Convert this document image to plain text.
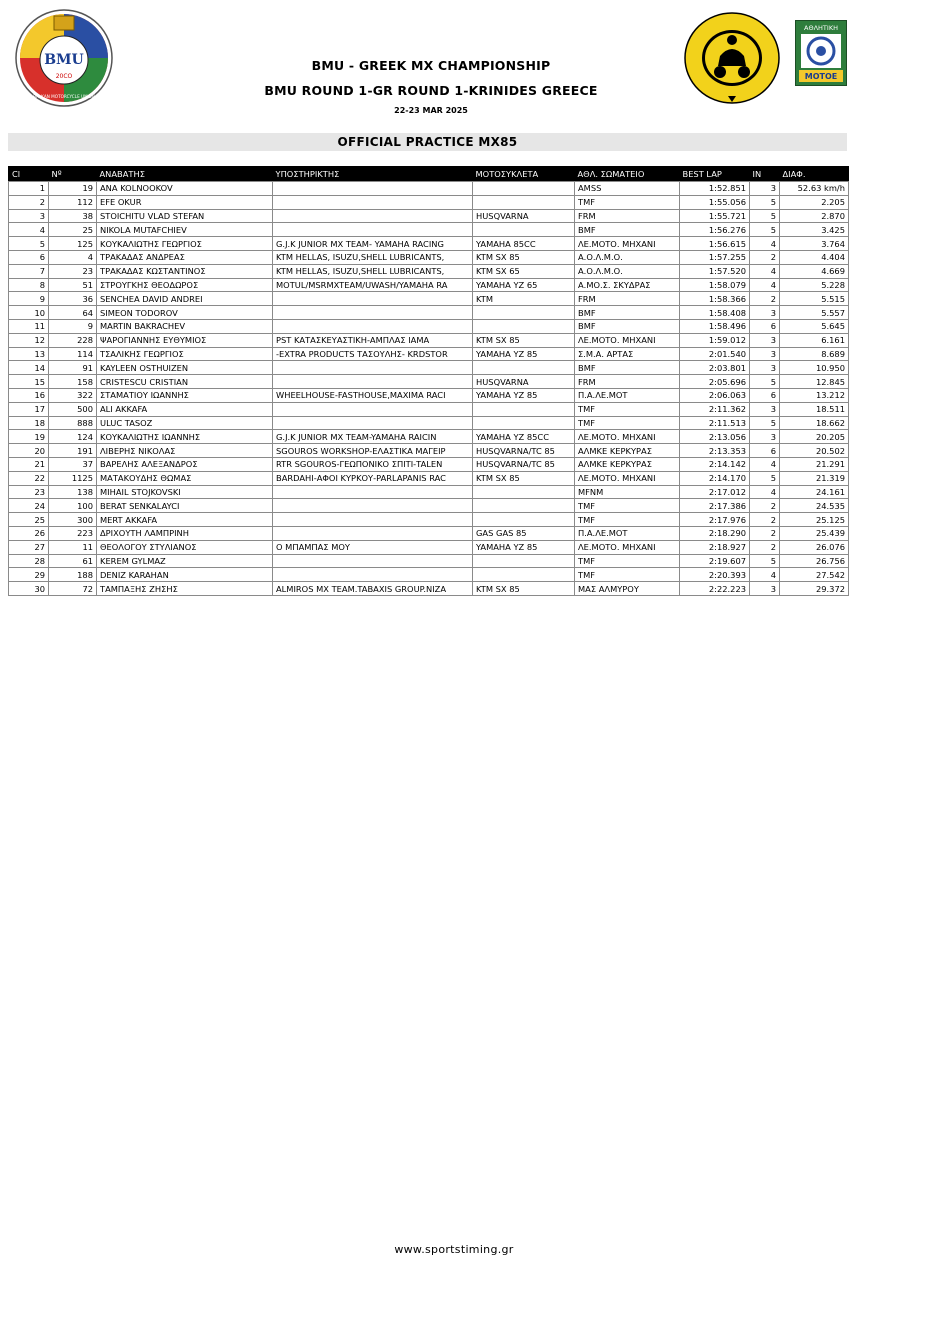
BMU
20CO
BALKAN MOTORCYCLE UNION
ΑΘΛΗΤΙΚΗ
MOTOE
BMU - GREEK MX CHAMPIONSHIP
BMU ROUND 1-GR ROUND 1-KRINIDES GREECE
22-23 MAR 2025
OFFICIAL PRACTICE MX85
Cl	Nº	ΑΝΑΒΑΤΗΣ	ΥΠΟΣΤΗΡΙΚΤΗΣ	ΜΟΤΟΣΥΚΛΕΤΑ	ΑΘΛ. ΣΩΜΑΤΕΙΟ	BEST LAP	IN	ΔΙΑΦ.
1	19	ΑΝΑ KOLNOOKOV			AMSS	1:52.851	3	52.63 km/h
2	112	EFE OKUR			TMF	1:55.056	5	2.205
3	38	STOICHITU VLAD STEFAN		HUSQVARNA	FRM	1:55.721	5	2.870
4	25	NIKOLA MUTAFCHIEV			BMF	1:56.276	5	3.425
5	125	ΚΟΥΚΑΛΙΩΤΗΣ ΓΕΩΡΓΙΟΣ	G.J.K JUNIOR MX TEAM- YAMAHA RACING	YAMAHA 85CC	ΛΕ.ΜΟΤΟ. ΜΗΧΑΝΙ	1:56.615	4	3.764
6	4	ΤΡΑΚΑΔΑΣ ΑΝΔΡΕΑΣ	KTM HELLAS, ISUZU,SHELL LUBRICANTS,	KTM SX 85	Α.Ο.Λ.Μ.Ο.	1:57.255	2	4.404
7	23	ΤΡΑΚΑΔΑΣ ΚΩΣΤΑΝΤΙΝΟΣ	KTM HELLAS, ISUZU,SHELL LUBRICANTS,	KTM SX 65	Α.Ο.Λ.Μ.Ο.	1:57.520	4	4.669
8	51	ΣΤΡΟΥΓΚΗΣ ΘΕΟΔΩΡΟΣ	MOTUL/MSRMXTEAM/UWASH/YAMAHA RA	YAMAHA YZ 65	Α.ΜΟ.Σ. ΣΚΥΔΡΑΣ	1:58.079	4	5.228
9	36	SENCHEA DAVID ANDREI		KTM	FRM	1:58.366	2	5.515
10	64	SIMEON TODOROV			BMF	1:58.408	3	5.557
11	9	MARTIN BAKRACHEV			BMF	1:58.496	6	5.645
12	228	ΨΑΡΟΓΙΑΝΝΗΣ ΕΥΘΥΜΙΟΣ	PST ΚΑΤΑΣΚΕΥΑΣΤΙΚΗ-ΑΜΠΛΑΣ ΙΑΜΑ	KTM SX 85	ΛΕ.ΜΟΤΟ. ΜΗΧΑΝΙ	1:59.012	3	6.161
13	114	ΤΣΑΛΙΚΗΣ ΓΕΩΡΓΙΟΣ	-EXTRA PRODUCTS ΤΑΣΟΥΛΗΣ- KRDSTOR	YAMAHA YZ 85	Σ.Μ.Α. ΑΡΤΑΣ	2:01.540	3	8.689
14	91	KAYLEEN OSTHUIZEN			BMF	2:03.801	3	10.950
15	158	CRISTESCU CRISTIAN		HUSQVARNA	FRM	2:05.696	5	12.845
16	322	ΣΤΑΜΑΤΙΟΥ ΙΩΑΝΝΗΣ	WHEELHOUSE-FASTHOUSE,MAXIMA RACI	YAMAHA YZ 85	Π.Α.ΛΕ.ΜΟΤ	2:06.063	6	13.212
17	500	ALI AKKAFA			TMF	2:11.362	3	18.511
18	888	ULUC TASOZ			TMF	2:11.513	5	18.662
19	124	ΚΟΥΚΑΛΙΩΤΗΣ ΙΩΑΝΝΗΣ	G.J.K JUNIOR MX TEAM-YAMAHA RAICIN	YAMAHA YZ 85CC	ΛΕ.ΜΟΤΟ. ΜΗΧΑΝΙ	2:13.056	3	20.205
20	191	ΛΙΒΕΡΗΣ ΝΙΚΟΛΑΣ	SGOUROS WORKSHOP-ΕΛΑΣΤΙΚΑ ΜΑΓΕΙΡ	HUSQVARNA/TC 85	ΑΛΜΚΕ ΚΕΡΚΥΡΑΣ	2:13.353	6	20.502
21	37	ΒΑΡΕΛΗΣ ΑΛΕΞΑΝΔΡΟΣ	RTR SGOUROS-ΓΕΩΠΟΝΙΚΟ ΣΠΙΤΙ-TALEN	HUSQVARNA/TC 85	ΑΛΜΚΕ ΚΕΡΚΥΡΑΣ	2:14.142	4	21.291
22	1125	ΜΑΤΑΚΟΥΔΗΣ ΘΩΜΑΣ	BARDAHI-ΑΦΟΙ ΚΥΡΚΟΥ-PARLAPANIS RAC	KTM SX 85	ΛΕ.ΜΟΤΟ. ΜΗΧΑΝΙ	2:14.170	5	21.319
23	138	MIHAIL STOJKOVSKI			MFNM	2:17.012	4	24.161
24	100	BERAT SENKALAYCI			TMF	2:17.386	2	24.535
25	300	MERT AKKAFA			TMF	2:17.976	2	25.125
26	223	ΔΡΙΧΟΥΤΗ ΛΑΜΠΡΙΝΗ		GAS GAS 85	Π.Α.ΛΕ.ΜΟΤ	2:18.290	2	25.439
27	11	ΘΕΟΛΟΓΟΥ ΣΤΥΛΙΑΝΟΣ	Ο ΜΠΑΜΠΑΣ ΜΟΥ	YAMAHA YZ 85	ΛΕ.ΜΟΤΟ. ΜΗΧΑΝΙ	2:18.927	2	26.076
28	61	KEREM GYLMAZ			TMF	2:19.607	5	26.756
29	188	DENIZ KARAHAN			TMF	2:20.393	4	27.542
30	72	ΤΑΜΠΑΞΗΣ ΖΗΣΗΣ	ALMIROS MX TEAM.TABAXIS GROUP.NIZA	KTM SX 85	ΜΑΣ ΑΛΜΥΡΟΥ	2:22.223	3	29.372
www.sportstiming.gr
